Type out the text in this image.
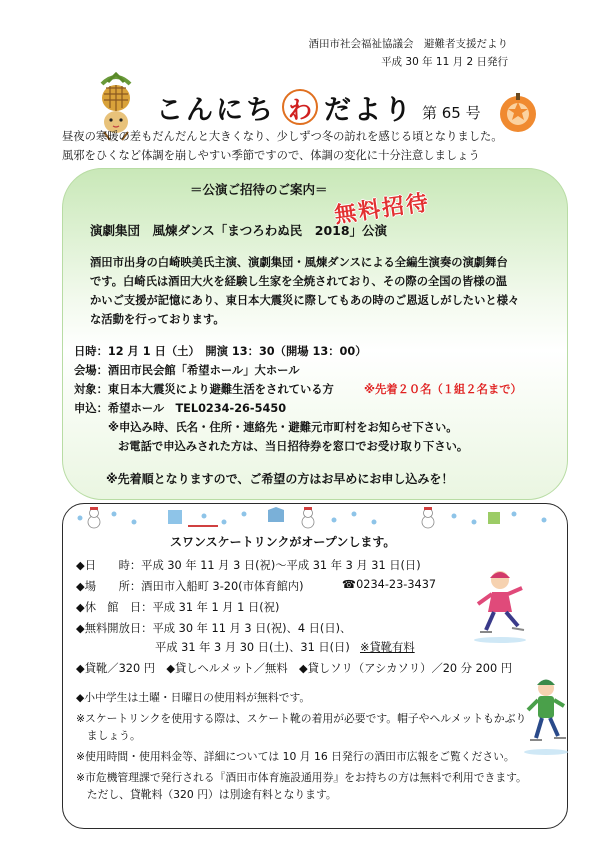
酒田市社会福祉協議会　避難者支援だより
平成 30 年 11 月 2 日発行
こんにち わ だより 第 65 号
昼夜の寒暖の差もだんだんと大きくなり、少しずつ冬の訪れを感じる頃となりました。
風邪をひくなど体調を崩しやすい季節ですので、体調の変化に十分注意しましょう
＝公演ご招待のご案内＝
無料招待
演劇集団　風煉ダンス「まつろわぬ民　2018」公演
酒田市出身の白崎映美氏主演、演劇集団・風煉ダンスによる全編生演奏の演劇舞台
です。白崎氏は酒田大火を経験し生家を全焼されており、その際の全国の皆様の温
かいご支援が記憶にあり、東日本大震災に際してもあの時のご恩返しがしたいと様々
な活動を行っております。
日時：12 月 1 日（土）　開演 13：30（開場 13：00）
会場：酒田市民会館「希望ホール」大ホール
対象：東日本大震災により避難生活をされている方	※先着２０名（１組２名まで）
申込：希望ホール　TEL0234-26-5450
※申込み時、氏名・住所・連絡先・避難元市町村をお知らせ下さい。
お電話で申込みされた方は、当日招待券を窓口でお受け取り下さい。
※先着順となりますので、ご希望の方はお早めにお申し込みを！
スワンスケートリンクがオープンします。
◆日　　時：平成 30 年 11 月 3 日(祝)～平成 31 年 3 月 31 日(日)
◆場　　所：酒田市入船町 3-20(市体育館内)	☎0234-23-3437
◆休　館　日：平成 31 年 1 月 1 日(祝)
◆無料開放日：平成 30 年 11 月 3 日(祝)、4 日(日)、
平成 31 年 3 月 30 日(土)、31 日(日) ※貸靴有料
◆貸靴／320 円　◆貸しヘルメット／無料　◆貸しソリ（アシカソリ）／20 分 200 円
◆小中学生は土曜・日曜日の使用料が無料です。
※スケートリンクを使用する際は、スケート靴の着用が必要です。帽子やヘルメットもかぶり
　ましょう。
※使用時間・使用料金等、詳細については 10 月 16 日発行の酒田市広報をご覧ください。
※市危機管理課で発行される『酒田市体育施設通用券』をお持ちの方は無料で利用できます。
　ただし、貸靴料（320 円）は別途有料となります。
